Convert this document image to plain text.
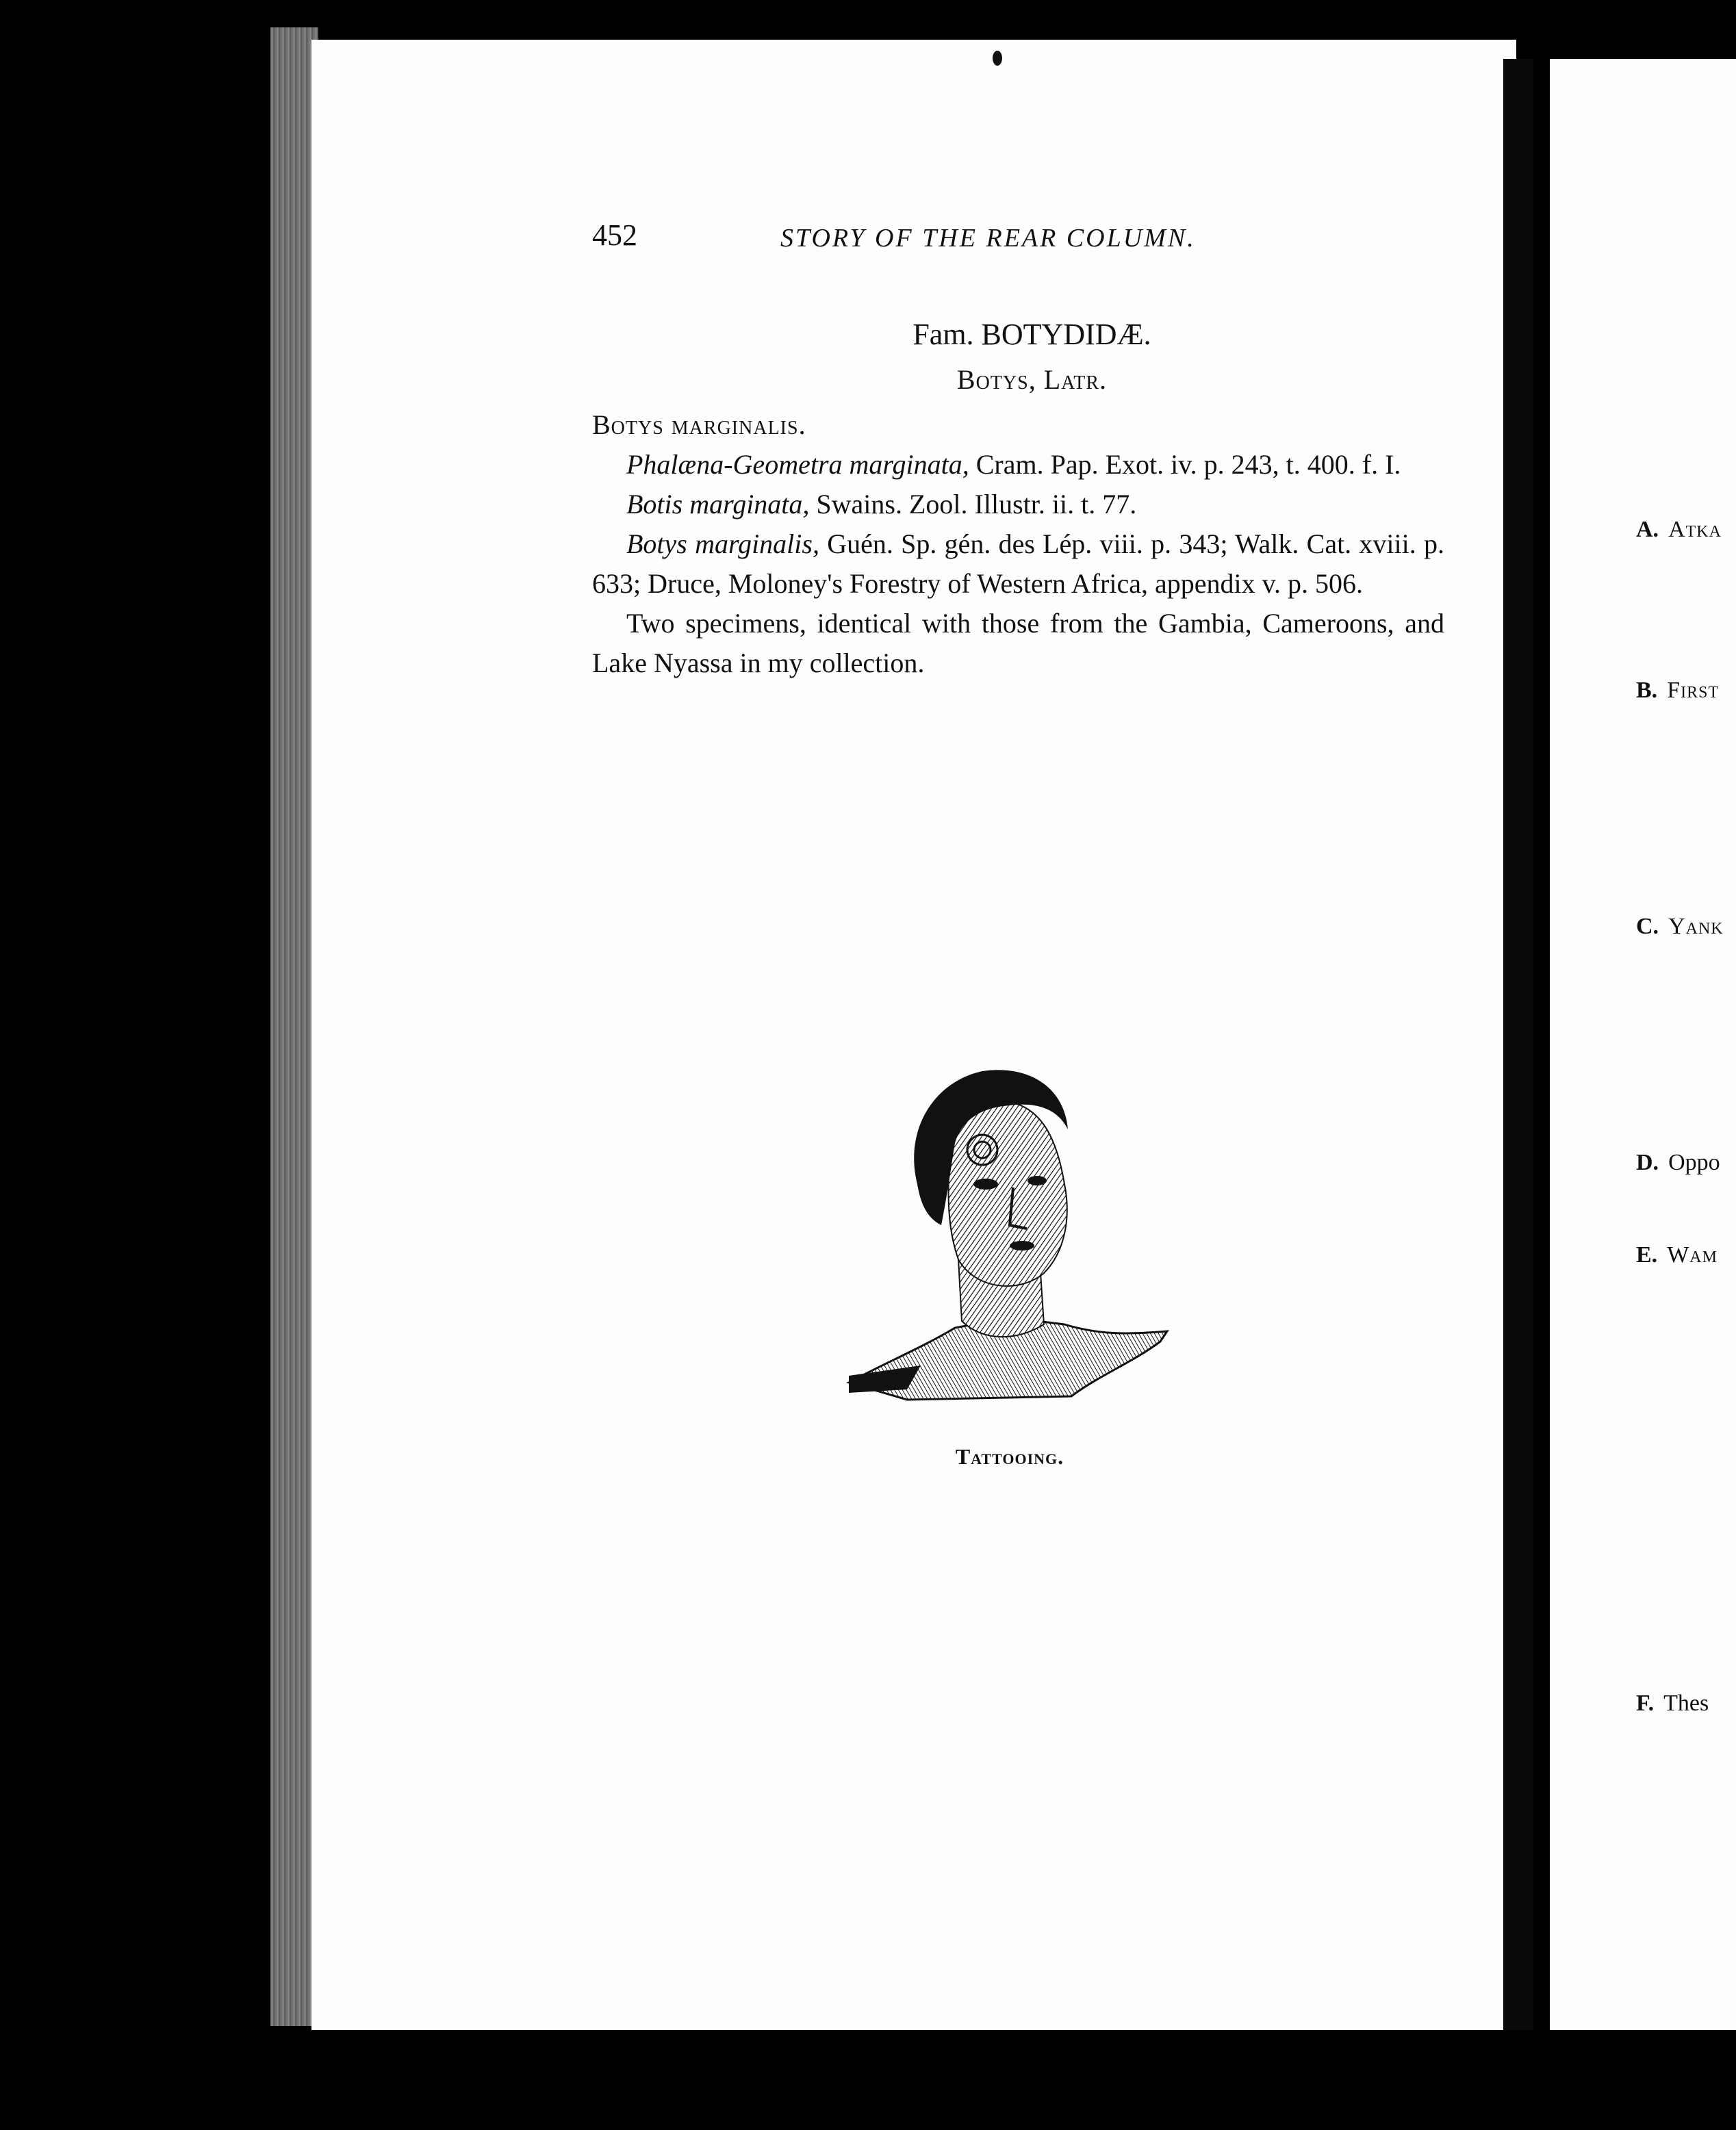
452	STORY OF THE REAR COLUMN.

Fam. BOTYDIDÆ.

Botys, Latr.

Botys marginalis.

Phalæna-Geometra marginata, Cram. Pap. Exot. iv. p. 243, t. 400. f. I.

Botis marginata, Swains. Zool. Illustr. ii. t. 77.

Botys marginalis, Guén. Sp. gén. des Lép. viii. p. 343; Walk. Cat. xviii. p. 633; Druce, Moloney's Forestry of Western Africa, appendix v. p. 506.

Two specimens, identical with those from the Gambia, Cameroons, and Lake Nyassa in my collection.

Tattooing.
A. Atka
B. First
C. Yank
D. Oppo
E. Wam
F. Thes
